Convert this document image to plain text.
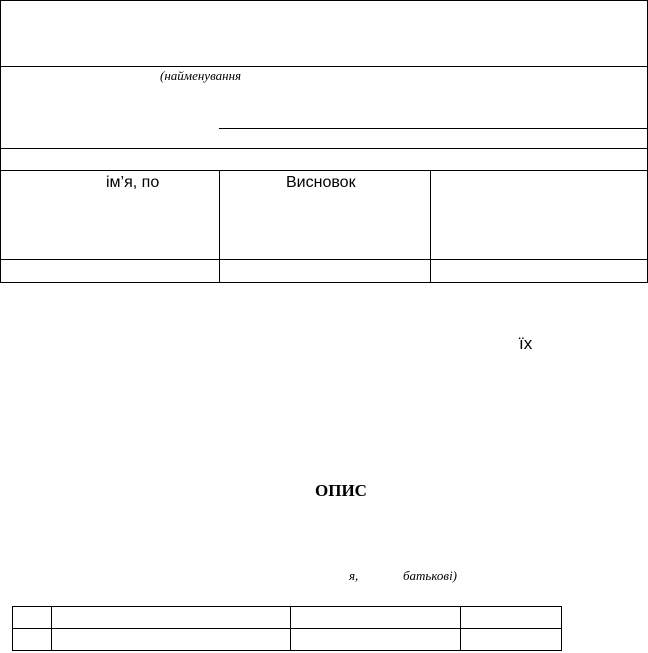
(найменування
ім’я, по	Висновок
їх
ОПИС
я,	батькові)
